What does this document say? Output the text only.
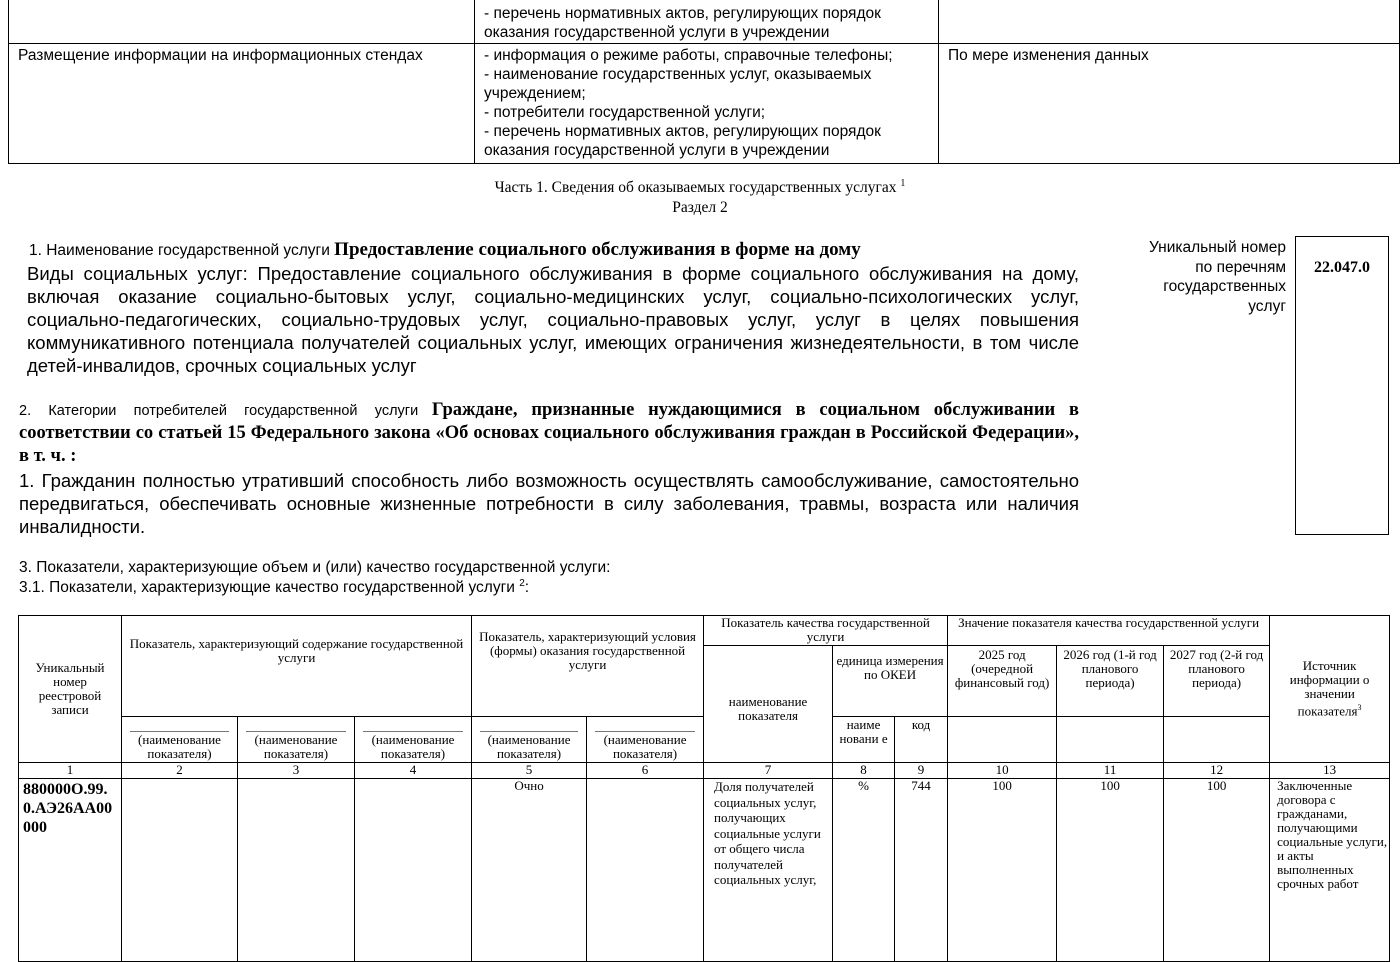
	- перечень нормативных актов, регулирующих порядок оказания государственной услуги в учреждении	
Размещение информации на информационных стендах	- информация о режиме работы, справочные телефоны;
- наименование государственных услуг, оказываемых учреждением;
- потребители государственной услуги;
- перечень нормативных актов, регулирующих порядок оказания государственной услуги в учреждении	По мере изменения данных
Часть 1. Сведения об оказываемых государственных услугах $^1$
Раздел 2
Уникальный номер по перечням государственных услуг
22.047.0
1. Наименование государственной услуги Предоставление социального обслуживания в форме на дому
Виды социальных услуг: Предоставление социального обслуживания в форме социального обслуживания на дому, включая оказание социально-бытовых услуг, социально-медицинских услуг, социально-психологических услуг, социально-педагогических, социально-трудовых услуг, социально-правовых услуг, услуг в целях повышения коммуникативного потенциала получателей социальных услуг, имеющих ограничения жизнедеятельности, в том числе детей-инвалидов, срочных социальных услуг
2. Категории потребителей государственной услуги Граждане, признанные нуждающимися в социальном обслуживании в соответствии со статьей 15 Федерального закона «Об основах социального обслуживания граждан в Российской Федерации», в т. ч. :
1. Гражданин полностью утративший способность либо возможность осуществлять самообслуживание, самостоятельно передвигаться, обеспечивать основные жизненные потребности в силу заболевания, травмы, возраста или наличия инвалидности.
3. Показатели, характеризующие объем и (или) качество государственной услуги:
3.1. Показатели, характеризующие качество государственной услуги $^2$:
Уникальный номер реестровой записи	Показатель, характеризующий содержание государственной услуги			Показатель, характеризующий условия (формы) оказания государственной услуги		Показатель качества государственной услуги			Значение показателя качества государственной услуги			Источник информации о значении показателя$^3$
						наименование показателя	единица измерения по ОКЕИ		2025 год (очередной финансовый год)	2026 год (1-й год планового периода)	2027 год (2-й год планового периода)	

	(наименование показателя)	(наименование показателя)	(наименование показателя)	(наименование показателя)	(наименование показателя)		наиме новани е	код				
1	2	3	4	5	6	7	8	9	10	11	12	13
880000О.99.0.АЭ26АА00000				Очно		Доля получателей социальных услуг, получающих социальные услуги от общего числа получателей социальных услуг,	%	744	100	100	100	Заключенные договора с гражданами, получающими социальные услуги, и акты выполненных срочных работ
